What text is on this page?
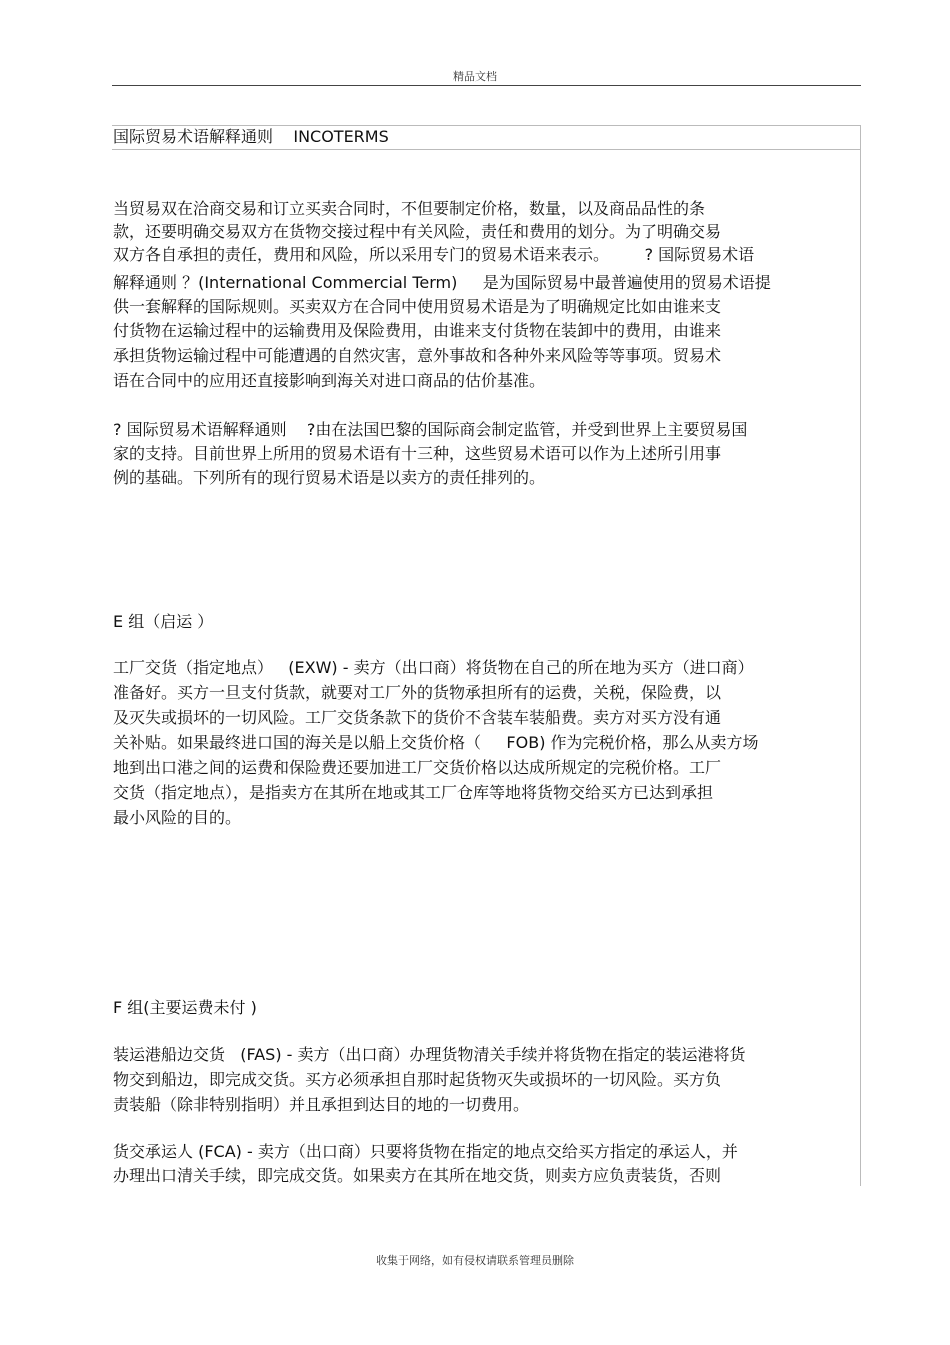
精品文档
国际贸易术语解释通则    INCOTERMS
当贸易双在洽商交易和订立买卖合同时，不但要制定价格，数量，以及商品品性的条
款，还要明确交易双方在货物交接过程中有关风险，责任和费用的划分。为了明确交易
双方各自承担的责任，费用和风险，所以采用专门的贸易术语来表示。       ? 国际贸易术语
解释通则 ？(International Commercial Term)     是为国际贸易中最普遍使用的贸易术语提
供一套解释的国际规则。买卖双方在合同中使用贸易术语是为了明确规定比如由谁来支
付货物在运输过程中的运输费用及保险费用，由谁来支付货物在装卸中的费用，由谁来
承担货物运输过程中可能遭遇的自然灾害，意外事故和各种外来风险等等事项。贸易术
语在合同中的应用还直接影响到海关对进口商品的估价基准。
? 国际贸易术语解释通则    ?由在法国巴黎的国际商会制定监管，并受到世界上主要贸易国
家的支持。目前世界上所用的贸易术语有十三种，这些贸易术语可以作为上述所引用事
例的基础。下列所有的现行贸易术语是以卖方的责任排列的。
E 组（启运 ）
工厂交货（指定地点）   (EXW) - 卖方（出口商）将货物在自己的所在地为买方（进口商）
准备好。买方一旦支付货款，就要对工厂外的货物承担所有的运费，关税，保险费，以
及灭失或损坏的一切风险。工厂交货条款下的货价不含装车装船费。卖方对买方没有通
关补贴。如果最终进口国的海关是以船上交货价格（     FOB) 作为完税价格，那么从卖方场
地到出口港之间的运费和保险费还要加进工厂交货价格以达成所规定的完税价格。工厂
交货（指定地点），是指卖方在其所在地或其工厂仓库等地将货物交给买方已达到承担
最小风险的目的。
F 组(主要运费未付 )
装运港船边交货   (FAS) - 卖方（出口商）办理货物清关手续并将货物在指定的装运港将货
物交到船边，即完成交货。买方必须承担自那时起货物灭失或损坏的一切风险。买方负
责装船（除非特别指明）并且承担到达目的地的一切费用。
货交承运人 (FCA) - 卖方（出口商）只要将货物在指定的地点交给买方指定的承运人，并
办理出口清关手续，即完成交货。如果卖方在其所在地交货，则卖方应负责装货，否则
收集于网络，如有侵权请联系管理员删除
